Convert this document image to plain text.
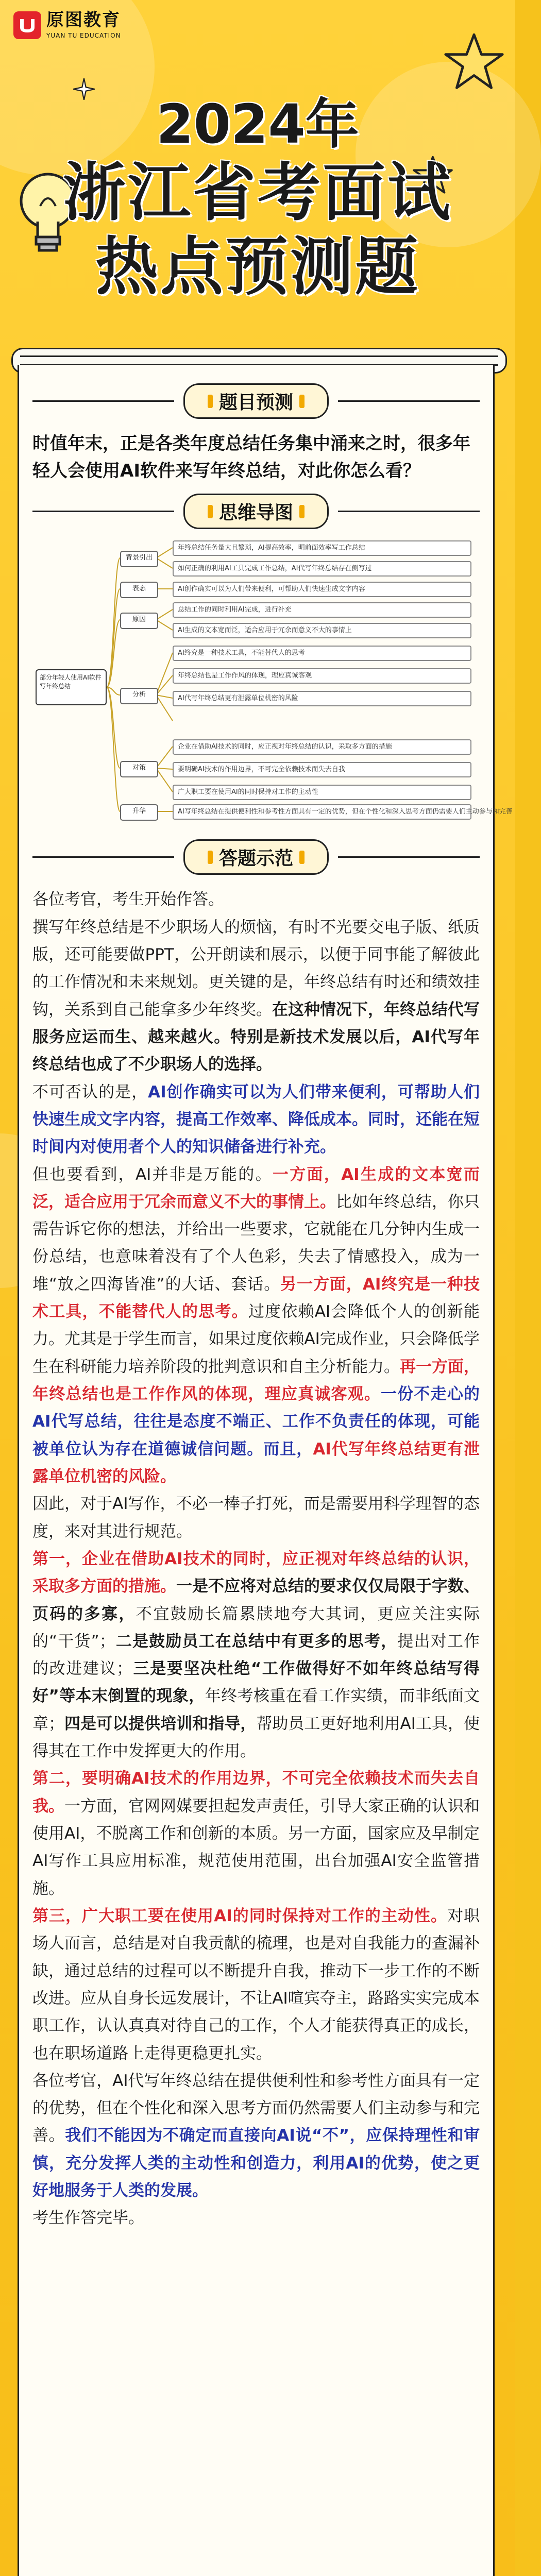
原图教育
YUAN TU EDUCATION
2024年
浙江省考面试
热点预测题
题目预测

时值年末，正是各类年度总结任务集中涌来之时，很多年轻人会使用AI软件来写年终总结，对此你怎么看？

思维导图
部分年轻人使用AI软件写年终总结
背景引出
表态
原因
分析
对策
升华
年终总结任务量大且繁琐，AI提高效率，明前面效率写工作总结
如何正确的利用AI工具完成工作总结，AI代写年终总结存在侧写过
AI创作确实可以为人们带来便利，可帮助人们快速生成文字内容
总结工作的同时利用AI完成，进行补充
AI生成的文本宽而泛，适合应用于冗余而意义不大的事情上
AI终究是一种技术工具，不能替代人的思考
年终总结也是工作作风的体现，理应真诚客观
AI代写年终总结更有泄露单位机密的风险
企业在借助AI技术的同时，应正视对年终总结的认识，采取多方面的措施
要明确AI技术的作用边界，不可完全依赖技术而失去自我
广大职工要在使用AI的同时保持对工作的主动性
AI写年终总结在提供便利性和参考性方面具有一定的优势，但在个性化和深入思考方面仍需要人们主动参与和完善
答题示范

各位考官，考生开始作答。

撰写年终总结是不少职场人的烦恼，有时不光要交电子版、纸质版，还可能要做PPT，公开朗读和展示，以便于同事能了解彼此的工作情况和未来规划。更关键的是，年终总结有时还和绩效挂钩，关系到自己能拿多少年终奖。在这种情况下，年终总结代写服务应运而生、越来越火。特别是新技术发展以后，AI代写年终总结也成了不少职场人的选择。

不可否认的是，AI创作确实可以为人们带来便利，可帮助人们快速生成文字内容，提高工作效率、降低成本。同时，还能在短时间内对使用者个人的知识储备进行补充。

但也要看到，AI并非是万能的。一方面，AI生成的文本宽而泛，适合应用于冗余而意义不大的事情上。比如年终总结，你只需告诉它你的想法，并给出一些要求，它就能在几分钟内生成一份总结，也意味着没有了个人色彩，失去了情感投入，成为一堆“放之四海皆准”的大话、套话。另一方面，AI终究是一种技术工具，不能替代人的思考。过度依赖AI会降低个人的创新能力。尤其是于学生而言，如果过度依赖AI完成作业，只会降低学生在科研能力培养阶段的批判意识和自主分析能力。再一方面，年终总结也是工作作风的体现，理应真诚客观。一份不走心的AI代写总结，往往是态度不端正、工作不负责任的体现，可能被单位认为存在道德诚信问题。而且，AI代写年终总结更有泄露单位机密的风险。

因此，对于AI写作，不必一棒子打死，而是需要用科学理智的态度，来对其进行规范。

第一，企业在借助AI技术的同时，应正视对年终总结的认识，采取多方面的措施。一是不应将对总结的要求仅仅局限于字数、页码的多寡，不宜鼓励长篇累牍地夸大其词，更应关注实际的“干货”；二是鼓励员工在总结中有更多的思考，提出对工作的改进建议；三是要坚决杜绝“工作做得好不如年终总结写得好”等本末倒置的现象，年终考核重在看工作实绩，而非纸面文章；四是可以提供培训和指导，帮助员工更好地利用AI工具，使得其在工作中发挥更大的作用。

第二，要明确AI技术的作用边界，不可完全依赖技术而失去自我。一方面，官网网媒要担起发声责任，引导大家正确的认识和使用AI，不脱离工作和创新的本质。另一方面，国家应及早制定AI写作工具应用标准，规范使用范围，出台加强AI安全监管措施。

第三，广大职工要在使用AI的同时保持对工作的主动性。对职场人而言，总结是对自我贡献的梳理，也是对自我能力的查漏补缺，通过总结的过程可以不断提升自我，推动下一步工作的不断改进。应从自身长远发展计，不让AI喧宾夺主，路路实实完成本职工作，认认真真对待自己的工作，个人才能获得真正的成长，也在职场道路上走得更稳更扎实。

各位考官，AI代写年终总结在提供便利性和参考性方面具有一定的优势，但在个性化和深入思考方面仍然需要人们主动参与和完善。我们不能因为不确定而直接向AI说“不”，应保持理性和审慎，充分发挥人类的主动性和创造力，利用AI的优势，使之更好地服务于人类的发展。

考生作答完毕。
